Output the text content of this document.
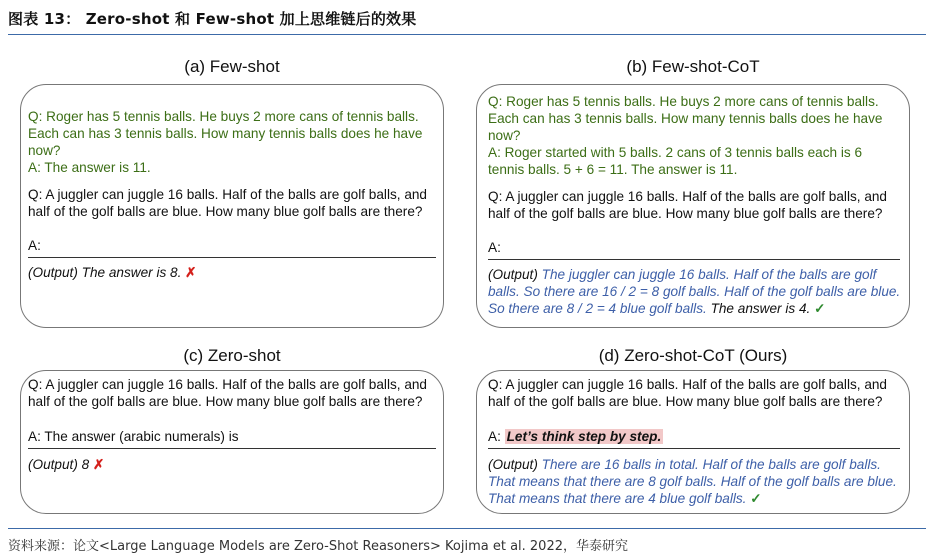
图表 13： Zero-shot 和 Few-shot 加上思维链后的效果
(a) Few-shot
Q: Roger has 5 tennis balls. He buys 2 more cans of tennis balls. Each can has 3 tennis balls. How many tennis balls does he have now?
A: The answer is 11.
Q: A juggler can juggle 16 balls. Half of the balls are golf balls, and half of the golf balls are blue. How many blue golf balls are there?
A:
(Output) The answer is 8. ✗
(b) Few-shot-CoT
Q: Roger has 5 tennis balls. He buys 2 more cans of tennis balls. Each can has 3 tennis balls. How many tennis balls does he have now?
A: Roger started with 5 balls. 2 cans of 3 tennis balls each is 6 tennis balls. 5 + 6 = 11. The answer is 11.
Q: A juggler can juggle 16 balls. Half of the balls are golf balls, and half of the golf balls are blue. How many blue golf balls are there?
A:
(Output) The juggler can juggle 16 balls. Half of the balls are golf balls. So there are 16 / 2 = 8 golf balls. Half of the golf balls are blue. So there are 8 / 2 = 4 blue golf balls. The answer is 4. ✓
(c) Zero-shot
Q: A juggler can juggle 16 balls. Half of the balls are golf balls, and half of the golf balls are blue. How many blue golf balls are there?
A: The answer (arabic numerals) is
(Output) 8 ✗
(d) Zero-shot-CoT (Ours)
Q: A juggler can juggle 16 balls. Half of the balls are golf balls, and half of the golf balls are blue. How many blue golf balls are there?
A: Let’s think step by step.
(Output) There are 16 balls in total. Half of the balls are golf balls. That means that there are 8 golf balls. Half of the golf balls are blue. That means that there are 4 blue golf balls. ✓
资料来源：论文<Large Language Models are Zero-Shot Reasoners> Kojima et al. 2022，华泰研究
